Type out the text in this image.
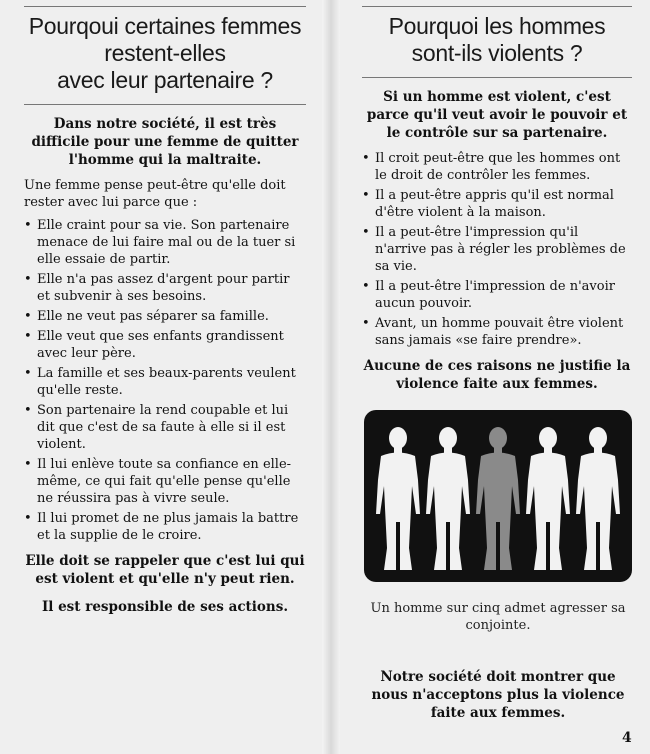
Pourqoui certaines femmes
restent-elles
avec leur partenaire ?

Dans notre société, il est très difficile pour une femme de quitter l'homme qui la maltraite.

Une femme pense peut-être qu'elle doit rester avec lui parce que :

• Elle craint pour sa vie. Son partenaire menace de lui faire mal ou de la tuer si elle essaie de partir.
• Elle n'a pas assez d'argent pour partir et subvenir à ses besoins.
• Elle ne veut pas séparer sa famille.
• Elle veut que ses enfants grandissent avec leur père.
• La famille et ses beaux-parents veulent qu'elle reste.
• Son partenaire la rend coupable et lui dit que c'est de sa faute à elle si il est violent.
• Il lui enlève toute sa confiance en elle-même, ce qui fait qu'elle pense qu'elle ne réussira pas à vivre seule.
• Il lui promet de ne plus jamais la battre et la supplie de le croire.

Elle doit se rappeler que c'est lui qui est violent et qu'elle n'y peut rien.

Il est responsible de ses actions.

Pourquoi les hommes
sont-ils violents ?

Si un homme est violent, c'est parce qu'il veut avoir le pouvoir et le contrôle sur sa partenaire.

• Il croit peut-être que les hommes ont le droit de contrôler les femmes.
• Il a peut-être appris qu'il est normal d'être violent à la maison.
• Il a peut-être l'impression qu'il n'arrive pas à régler les problèmes de sa vie.
• Il a peut-être l'impression de n'avoir aucun pouvoir.
• Avant, un homme pouvait être violent sans jamais «se faire prendre».

Aucune de ces raisons ne justifie la violence faite aux femmes.

Un homme sur cinq admet agresser sa conjointe.
Notre société doit montrer que nous n'acceptons plus la violence faite aux femmes.
4
